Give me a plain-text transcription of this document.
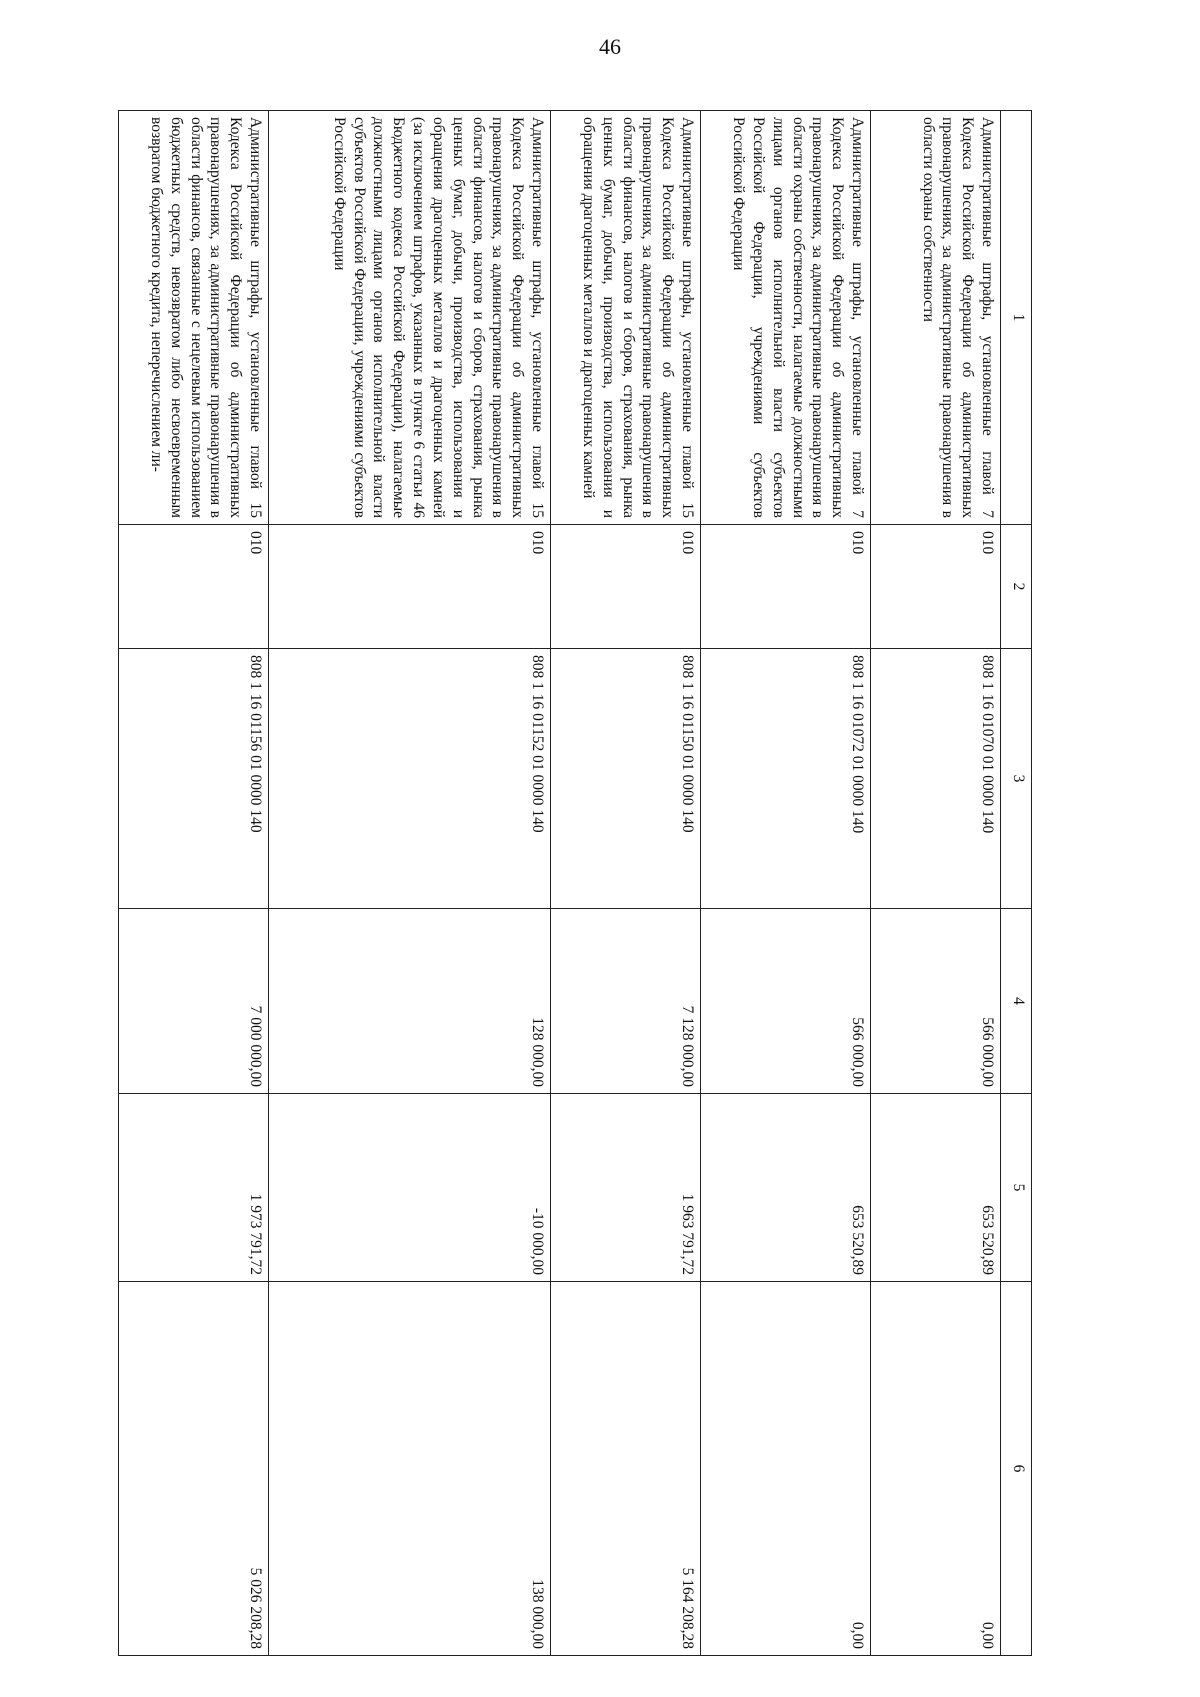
46
1	2	3	4	5	6
Административные штрафы, установленные главой 7 Кодекса Российской Федерации об административных правонарушениях, за административные правонарушения в области охраны собственности	010	808 1 16 01070 01 0000 140	566 000,00	653 520,89	0,00
Административные штрафы, установленные главой 7 Кодекса Российской Федерации об административных правонарушениях, за административные правонарушения в области охраны собственности, налагаемые должностными лицами органов исполнительной власти субъектов Российской Федерации, учреждениями субъектов Российской Федерации	010	808 1 16 01072 01 0000 140	566 000,00	653 520,89	0,00
Административные штрафы, установленные главой 15 Кодекса Российской Федерации об административных правонарушениях, за административные правонарушения в области финансов, налогов и сборов, страхования, рынка ценных бумаг, добычи, производства, использования и обращения драгоценных металлов и драгоценных камней	010	808 1 16 01150 01 0000 140	7 128 000,00	1 963 791,72	5 164 208,28
Административные штрафы, установленные главой 15 Кодекса Российской Федерации об административных правонарушениях, за административные правонарушения в области финансов, налогов и сборов, страхования, рынка ценных бумаг, добычи, производства, использования и обращения драгоценных металлов и драгоценных камней (за исключением штрафов, указанных в пункте 6 статьи 46 Бюджетного кодекса Российской Федерации), налагаемые должностными лицами органов исполнительной власти субъектов Российской Федерации, учреждениями субъектов Российской Федерации	010	808 1 16 01152 01 0000 140	128 000,00	-10 000,00	138 000,00
Административные штрафы, установленные главой 15 Кодекса Российской Федерации об административных правонарушениях, за административные правонарушения в области финансов, связанные с нецелевым использованием бюджетных средств, невозвратом либо несвоевременным возвратом бюджетного кредита, неперечислением ли-	010	808 1 16 01156 01 0000 140	7 000 000,00	1 973 791,72	5 026 208,28
